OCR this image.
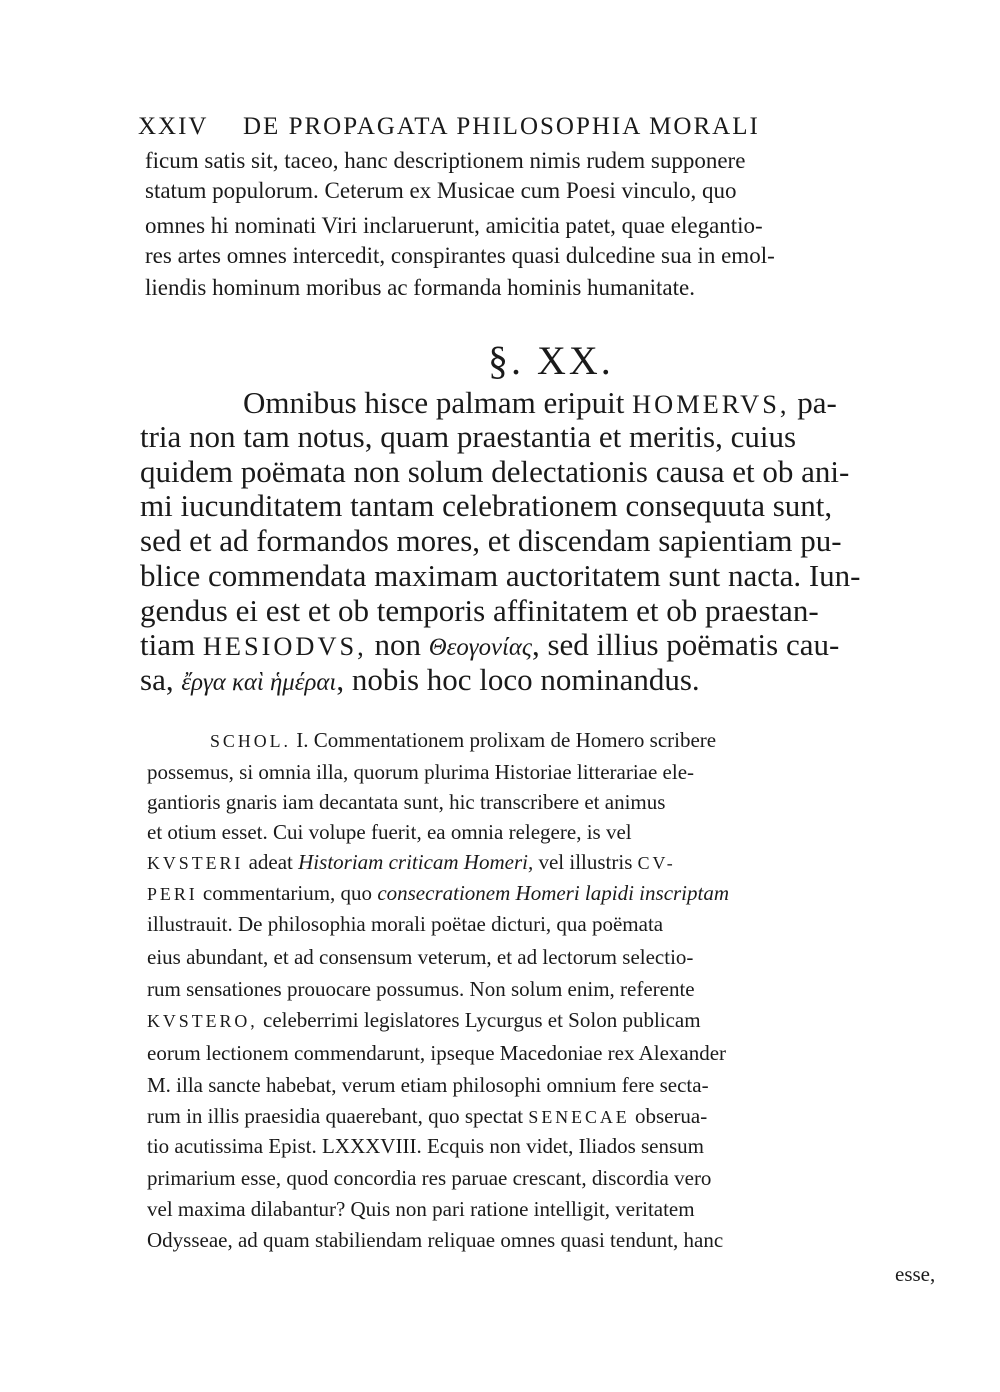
XXIV DE PROPAGATA PHILOSOPHIA MORALI
ficum satis sit, taceo, hanc descriptionem nimis rudem supponere
statum populorum. Ceterum ex Musicae cum Poesi vinculo, quo
omnes hi nominati Viri inclaruerunt, amicitia patet, quae elegantio-
res artes omnes intercedit, conspirantes quasi dulcedine sua in emol-
liendis hominum moribus ac formanda hominis humanitate.
§. XX.
Omnibus hisce palmam eripuit HOMERVS, pa-
tria non tam notus, quam praestantia et meritis, cuius
quidem poëmata non solum delectationis causa et ob ani-
mi iucunditatem tantam celebrationem consequuta sunt,
sed et ad formandos mores, et discendam sapientiam pu-
blice commendata maximam auctoritatem sunt nacta. Iun-
gendus ei est et ob temporis affinitatem et ob praestan-
tiam HESIODVS, non Θεογονίας, sed illius poëmatis cau-
sa, ἔργα καὶ ἡμέραι, nobis hoc loco nominandus.
SCHOL. I. Commentationem prolixam de Homero scribere
possemus, si omnia illa, quorum plurima Historiae litterariae ele-
gantioris gnaris iam decantata sunt, hic transcribere et animus
et otium esset. Cui volupe fuerit, ea omnia relegere, is vel
KVSTERI adeat Historiam criticam Homeri, vel illustris CV-
PERI commentarium, quo consecrationem Homeri lapidi inscriptam
illustrauit. De philosophia morali poëtae dicturi, qua poëmata
eius abundant, et ad consensum veterum, et ad lectorum selectio-
rum sensationes prouocare possumus. Non solum enim, referente
KVSTERO, celeberrimi legislatores Lycurgus et Solon publicam
eorum lectionem commendarunt, ipseque Macedoniae rex Alexander
M. illa sancte habebat, verum etiam philosophi omnium fere secta-
rum in illis praesidia quaerebant, quo spectat SENECAE obserua-
tio acutissima Epist. LXXXVIII. Ecquis non videt, Iliados sensum
primarium esse, quod concordia res paruae crescant, discordia vero
vel maxima dilabantur? Quis non pari ratione intelligit, veritatem
Odysseae, ad quam stabiliendam reliquae omnes quasi tendunt, hanc
esse,
